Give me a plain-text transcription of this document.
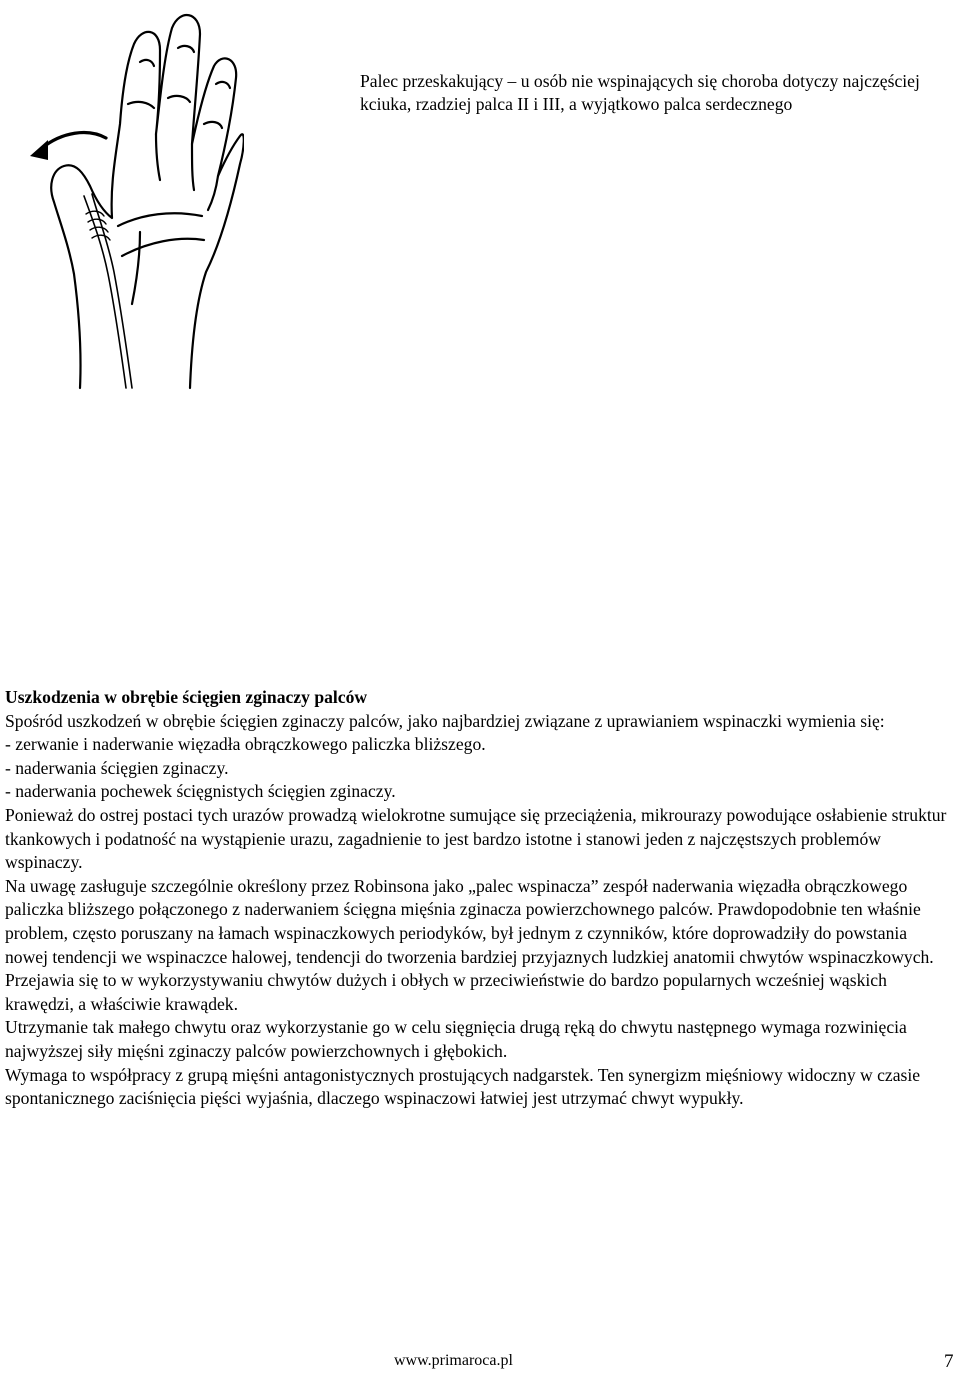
Palec przeskakujący – u osób nie wspinających się choroba dotyczy najczęściej kciuka, rzadziej palca II i III, a wyjątkowo palca serdecznego

Uszkodzenia w obrębie ścięgien zginaczy palców

Spośród uszkodzeń w obrębie ścięgien zginaczy palców, jako najbardziej związane z uprawianiem wspinaczki wymienia się:

- zerwanie i naderwanie więzadła obrączkowego paliczka bliższego.
- naderwania ścięgien zginaczy.
- naderwania pochewek ścięgnistych ścięgien zginaczy.

Ponieważ do ostrej postaci tych urazów prowadzą wielokrotne sumujące się przeciążenia, mikrourazy powodujące osłabienie struktur tkankowych i podatność na wystąpienie urazu, zagadnienie to jest bardzo istotne i stanowi jeden z najczęstszych problemów wspinaczy.

Na uwagę zasługuje szczególnie określony przez Robinsona jako „palec wspinacza” zespół naderwania więzadła obrączkowego paliczka bliższego połączonego z naderwaniem ścięgna mięśnia zginacza powierzchownego palców. Prawdopodobnie ten właśnie problem, często poruszany na łamach wspinaczkowych periodyków, był jednym z czynników, które doprowadziły do powstania nowej tendencji we wspinaczce halowej, tendencji do tworzenia bardziej przyjaznych ludzkiej anatomii chwytów wspinaczkowych. Przejawia się to w wykorzystywaniu chwytów dużych i obłych w przeciwieństwie do bardzo popularnych wcześniej wąskich krawędzi, a właściwie krawądek.

Utrzymanie tak małego chwytu oraz wykorzystanie go w celu sięgnięcia drugą ręką do chwytu następnego wymaga rozwinięcia najwyższej siły mięśni zginaczy palców powierzchownych i głębokich.

Wymaga to współpracy z grupą mięśni antagonistycznych prostujących nadgarstek. Ten synergizm mięśniowy widoczny w czasie spontanicznego zaciśnięcia pięści wyjaśnia, dlaczego wspinaczowi łatwiej jest utrzymać chwyt wypukły.

www.primaroca.pl	7
